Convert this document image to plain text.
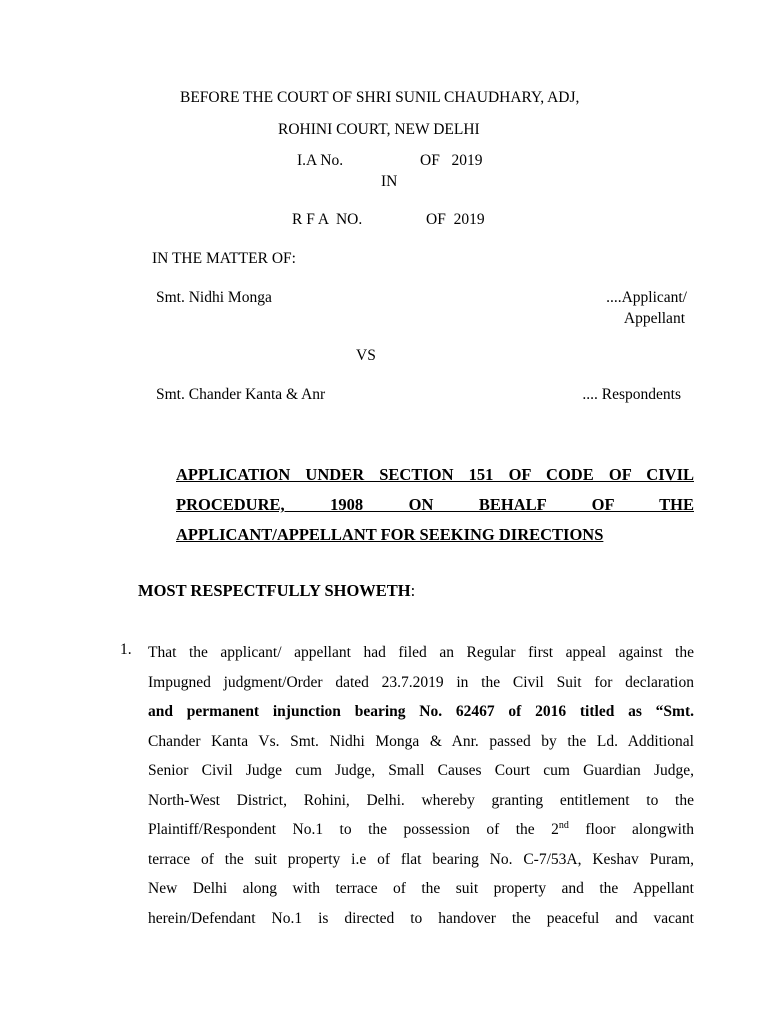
BEFORE THE COURT OF SHRI SUNIL CHAUDHARY, ADJ,
ROHINI COURT, NEW DELHI
I.A No.	OF   2019
IN
R F A  NO.	OF  2019
IN THE MATTER OF:
Smt. Nidhi Monga	....Applicant/
Appellant
VS
Smt. Chander Kanta & Anr	.... Respondents
APPLICATION UNDER SECTION 151 OF CODE OF CIVIL
PROCEDURE, 1908 ON BEHALF OF THE
APPLICANT/APPELLANT FOR SEEKING DIRECTIONS
MOST RESPECTFULLY SHOWETH:
1. That the applicant/ appellant had filed an Regular first appeal against the
Impugned judgment/Order dated 23.7.2019 in the Civil Suit for declaration
and permanent injunction bearing No. 62467 of 2016 titled as “Smt.
Chander Kanta Vs. Smt. Nidhi Monga & Anr. passed by the Ld. Additional
Senior Civil Judge cum Judge, Small Causes Court cum Guardian Judge,
North-West District, Rohini, Delhi. whereby granting entitlement to the
Plaintiff/Respondent No.1 to the possession of the 2nd floor alongwith
terrace of the suit property i.e of flat bearing No. C-7/53A, Keshav Puram,
New Delhi along with terrace of the suit property and the Appellant
herein/Defendant No.1 is directed to handover the peaceful and vacant
